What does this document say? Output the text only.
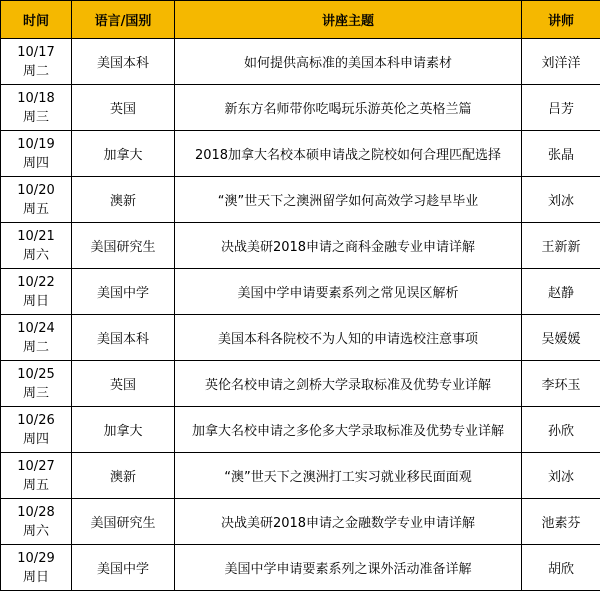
时间	语言/国别	讲座主题	讲师

10/17
周二	美国本科	如何提供高标准的美国本科申请素材	刘洋洋

10/18
周三	英国	新东方名师带你吃喝玩乐游英伦之英格兰篇	吕芳

10/19
周四	加拿大	2018加拿大名校本硕申请战之院校如何合理匹配选择	张晶

10/20
周五	澳新	“澳”世天下之澳洲留学如何高效学习趁早毕业	刘冰

10/21
周六	美国研究生	决战美研2018申请之商科金融专业申请详解	王新新

10/22
周日	美国中学	美国中学申请要素系列之常见误区解析	赵静

10/24
周二	美国本科	美国本科各院校不为人知的申请选校注意事项	吴媛媛

10/25
周三	英国	英伦名校申请之剑桥大学录取标准及优势专业详解	李环玉

10/26
周四	加拿大	加拿大名校申请之多伦多大学录取标准及优势专业详解	孙欣

10/27
周五	澳新	“澳”世天下之澳洲打工实习就业移民面面观	刘冰

10/28
周六	美国研究生	决战美研2018申请之金融数学专业申请详解	池素芬

10/29
周日	美国中学	美国中学申请要素系列之课外活动准备详解	胡欣
